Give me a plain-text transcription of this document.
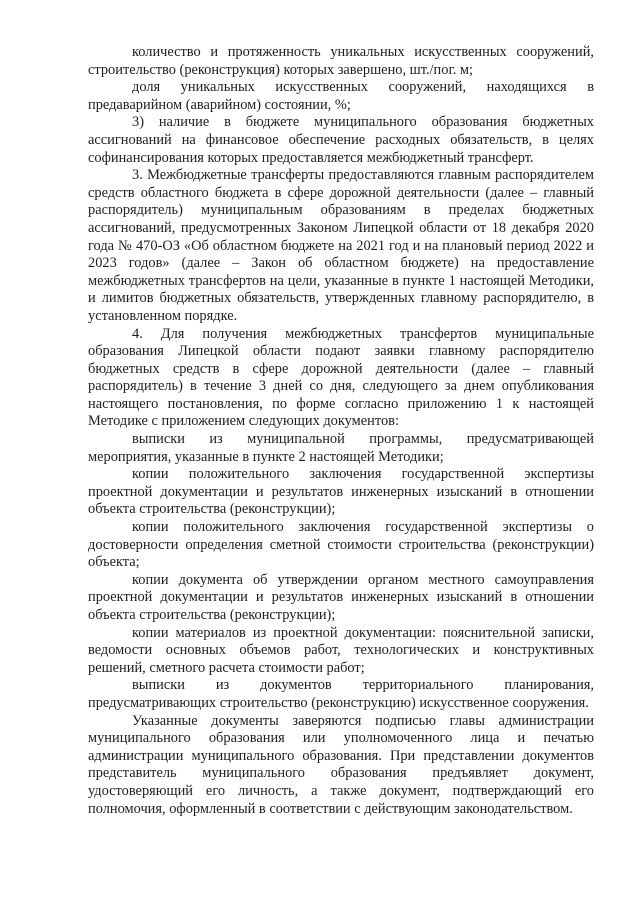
количество и протяженность уникальных искусственных сооружений, строительство (реконструкция) которых завершено, шт./пог. м;

доля уникальных искусственных сооружений, находящихся в предаварийном (аварийном) состоянии, %;

3) наличие в бюджете муниципального образования бюджетных ассигнований на финансовое обеспечение расходных обязательств, в целях софинансирования которых предоставляется межбюджетный трансферт.

3. Межбюджетные трансферты предоставляются главным распорядителем средств областного бюджета в сфере дорожной деятельности (далее – главный распорядитель) муниципальным образованиям в пределах бюджетных ассигнований, предусмотренных Законом Липецкой области от 18 декабря 2020 года № 470-ОЗ «Об областном бюджете на 2021 год и на плановый период 2022 и 2023 годов» (далее – Закон об областном бюджете) на предоставление межбюджетных трансфертов на цели, указанные в пункте 1 настоящей Методики, и лимитов бюджетных обязательств, утвержденных главному распорядителю, в установленном порядке.

4. Для получения межбюджетных трансфертов муниципальные образования Липецкой области подают заявки главному распорядителю бюджетных средств в сфере дорожной деятельности (далее – главный распорядитель) в течение 3 дней со дня, следующего за днем опубликования настоящего постановления, по форме согласно приложению 1 к настоящей Методике с приложением следующих документов:

выписки из муниципальной программы, предусматривающей мероприятия, указанные в пункте 2 настоящей Методики;

копии положительного заключения государственной экспертизы проектной документации и результатов инженерных изысканий в отношении объекта строительства (реконструкции);

копии положительного заключения государственной экспертизы о достоверности определения сметной стоимости строительства (реконструкции) объекта;

копии документа об утверждении органом местного самоуправления проектной документации и результатов инженерных изысканий в отношении объекта строительства (реконструкции);

копии материалов из проектной документации: пояснительной записки, ведомости основных объемов работ, технологических и конструктивных решений, сметного расчета стоимости работ;

выписки из документов территориального планирования, предусматривающих строительство (реконструкцию) искусственное сооружения.

Указанные документы заверяются подписью главы администрации муниципального образования или уполномоченного лица и печатью администрации муниципального образования. При представлении документов представитель муниципального образования предъявляет документ, удостоверяющий его личность, а также документ, подтверждающий его полномочия, оформленный в соответствии с действующим законодательством.
